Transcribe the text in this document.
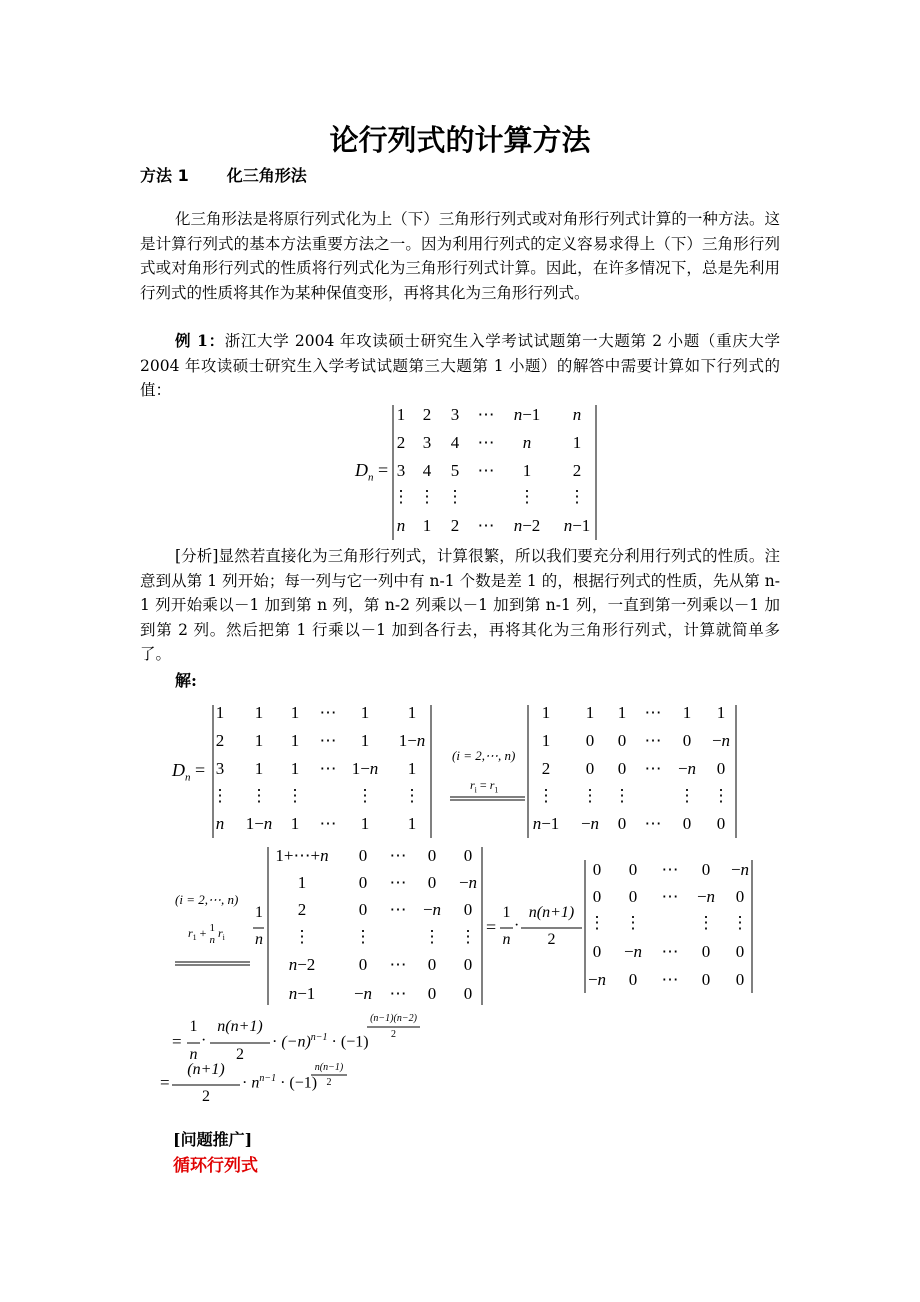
论行列式的计算方法
方法 1 化三角形法
化三角形法是将原行列式化为上（下）三角形行列式或对角形行列式计算的一种方法。这是计算行列式的基本方法重要方法之一。因为利用行列式的定义容易求得上（下）三角形行列式或对角形行列式的性质将行列式化为三角形行列式计算。因此，在许多情况下，总是先利用行列式的性质将其作为某种保值变形，再将其化为三角形行列式。
例 1：浙江大学 2004 年攻读硕士研究生入学考试试题第一大题第 2 小题（重庆大学 2004 年攻读硕士研究生入学考试试题第三大题第 1 小题）的解答中需要计算如下行列式的值：
$D_n$ =
1 2 3 ⋯ n−1 n
2 3 4 ⋯ n 1
3 4 5 ⋯ 1 2
⋮ ⋮ ⋮	⋮ ⋮
n 1 2 ⋯ n−2 n−1
[分析]显然若直接化为三角形行列式，计算很繁，所以我们要充分利用行列式的性质。注意到从第 1 列开始；每一列与它一列中有 n-1 个数是差 1 的，根据行列式的性质，先从第 n-1 列开始乘以－1 加到第 n 列，第 n-2 列乘以－1 加到第 n-1 列，一直到第一列乘以－1 加到第 2 列。然后把第 1 行乘以－1 加到各行去，再将其化为三角形行列式，计算就简单多了。
解:
$D_n$ =
1 1 1 ⋯ 1 1
2 1 1 ⋯ 1 1−n
3 1 1 ⋯ 1−n 1
⋮ ⋮ ⋮	⋮ ⋮
n 1−n 1 ⋯ 1 1
(i = 2,⋯, n)
$r_i = r_1$
1 1 1 ⋯ 1 1
1 0 0 ⋯ 0 −n
2 0 0 ⋯ −n 0
⋮ ⋮ ⋮	⋮ ⋮
n−1 −n 0 ⋯ 0 0
(i = 2,⋯, n)
$r_1 + 1$
n $r_i$
1
n
1+⋯+n 0 ⋯ 0 0
1	0 ⋯ 0 −n
2	0 ⋯ −n 0
⋮	⋮	⋮ ⋮
n−2	0 ⋯ 0 0
n−1 −n ⋯ 0 0
=
1
n
·
n(n+1)
2
0 0 ⋯ 0 −n
0 0 ⋯ −n 0
⋮ ⋮	⋮ ⋮
0 −n ⋯ 0 0
−n 0 ⋯ 0 0
=
1
n
·
n(n+1)
2
· $(-n)^{n-1} \cdot (-1)$
(n−1)(n−2)
2
=
(n+1)
2
· $n^{n-1} \cdot (-1)$
n(n−1)
2
[问题推广]
循环行列式
